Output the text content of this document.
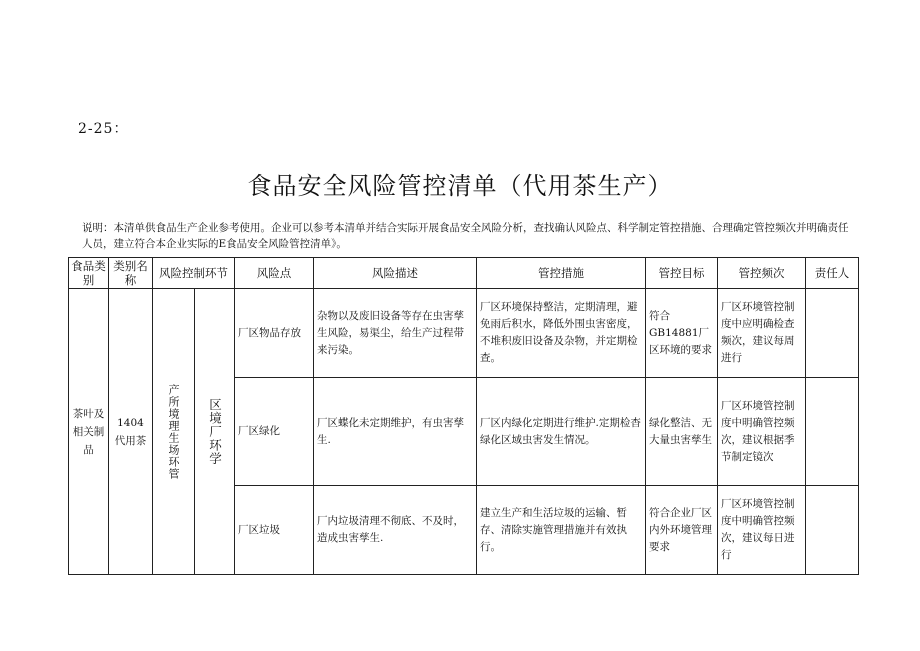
2-25：
食品安全风险管控清单（代用茶生产）
说明：本清单供食品生产企业参考使用。企业可以参考本清单并结合实际开展食品安全风险分析，查找确认风险点、科学制定管控措施、合理确定管控频次并明确责任人员，建立符合本企业实际的E食品安全风险管控清单》。
食品类别	类别名称	风险控制环节		风险点	风险描述	管控措施	管控目标	管控频次	责任人
茶叶及相关制品	1404代用茶	产所境理生场环管	区境厂环学	厂区物品存放	杂物以及废旧设备等存在虫害孳生风险，易渠尘，给生产过程带来污染。	厂区环境保持整洁，定期清理，避免雨后积水，降低外围虫害密度，不堆积废旧设备及杂物，并定期检查。	符合GB14881厂区环境的要求	厂区环境管控制度中应明确检查频次，建议每周进行	
				厂区绿化	厂区蝶化未定期维护，有虫害孳生.	厂区内绿化定期进行维护.定期检杳绿化区域虫害发生情况。	绿化整洁、无大量虫害孳生	厂区环境管控制度中明确管控频次，建议根据季节制定镜次	
				厂区垃圾	厂内垃圾清理不彻底、不及时，造成虫害孳生.	建立生产和生活垃圾的运输、暂存、清除实施管理措施并有效执行。	符合企业厂区内外环境管理要求	厂区环境管控制度中明确管控频次，建议每日进行	
